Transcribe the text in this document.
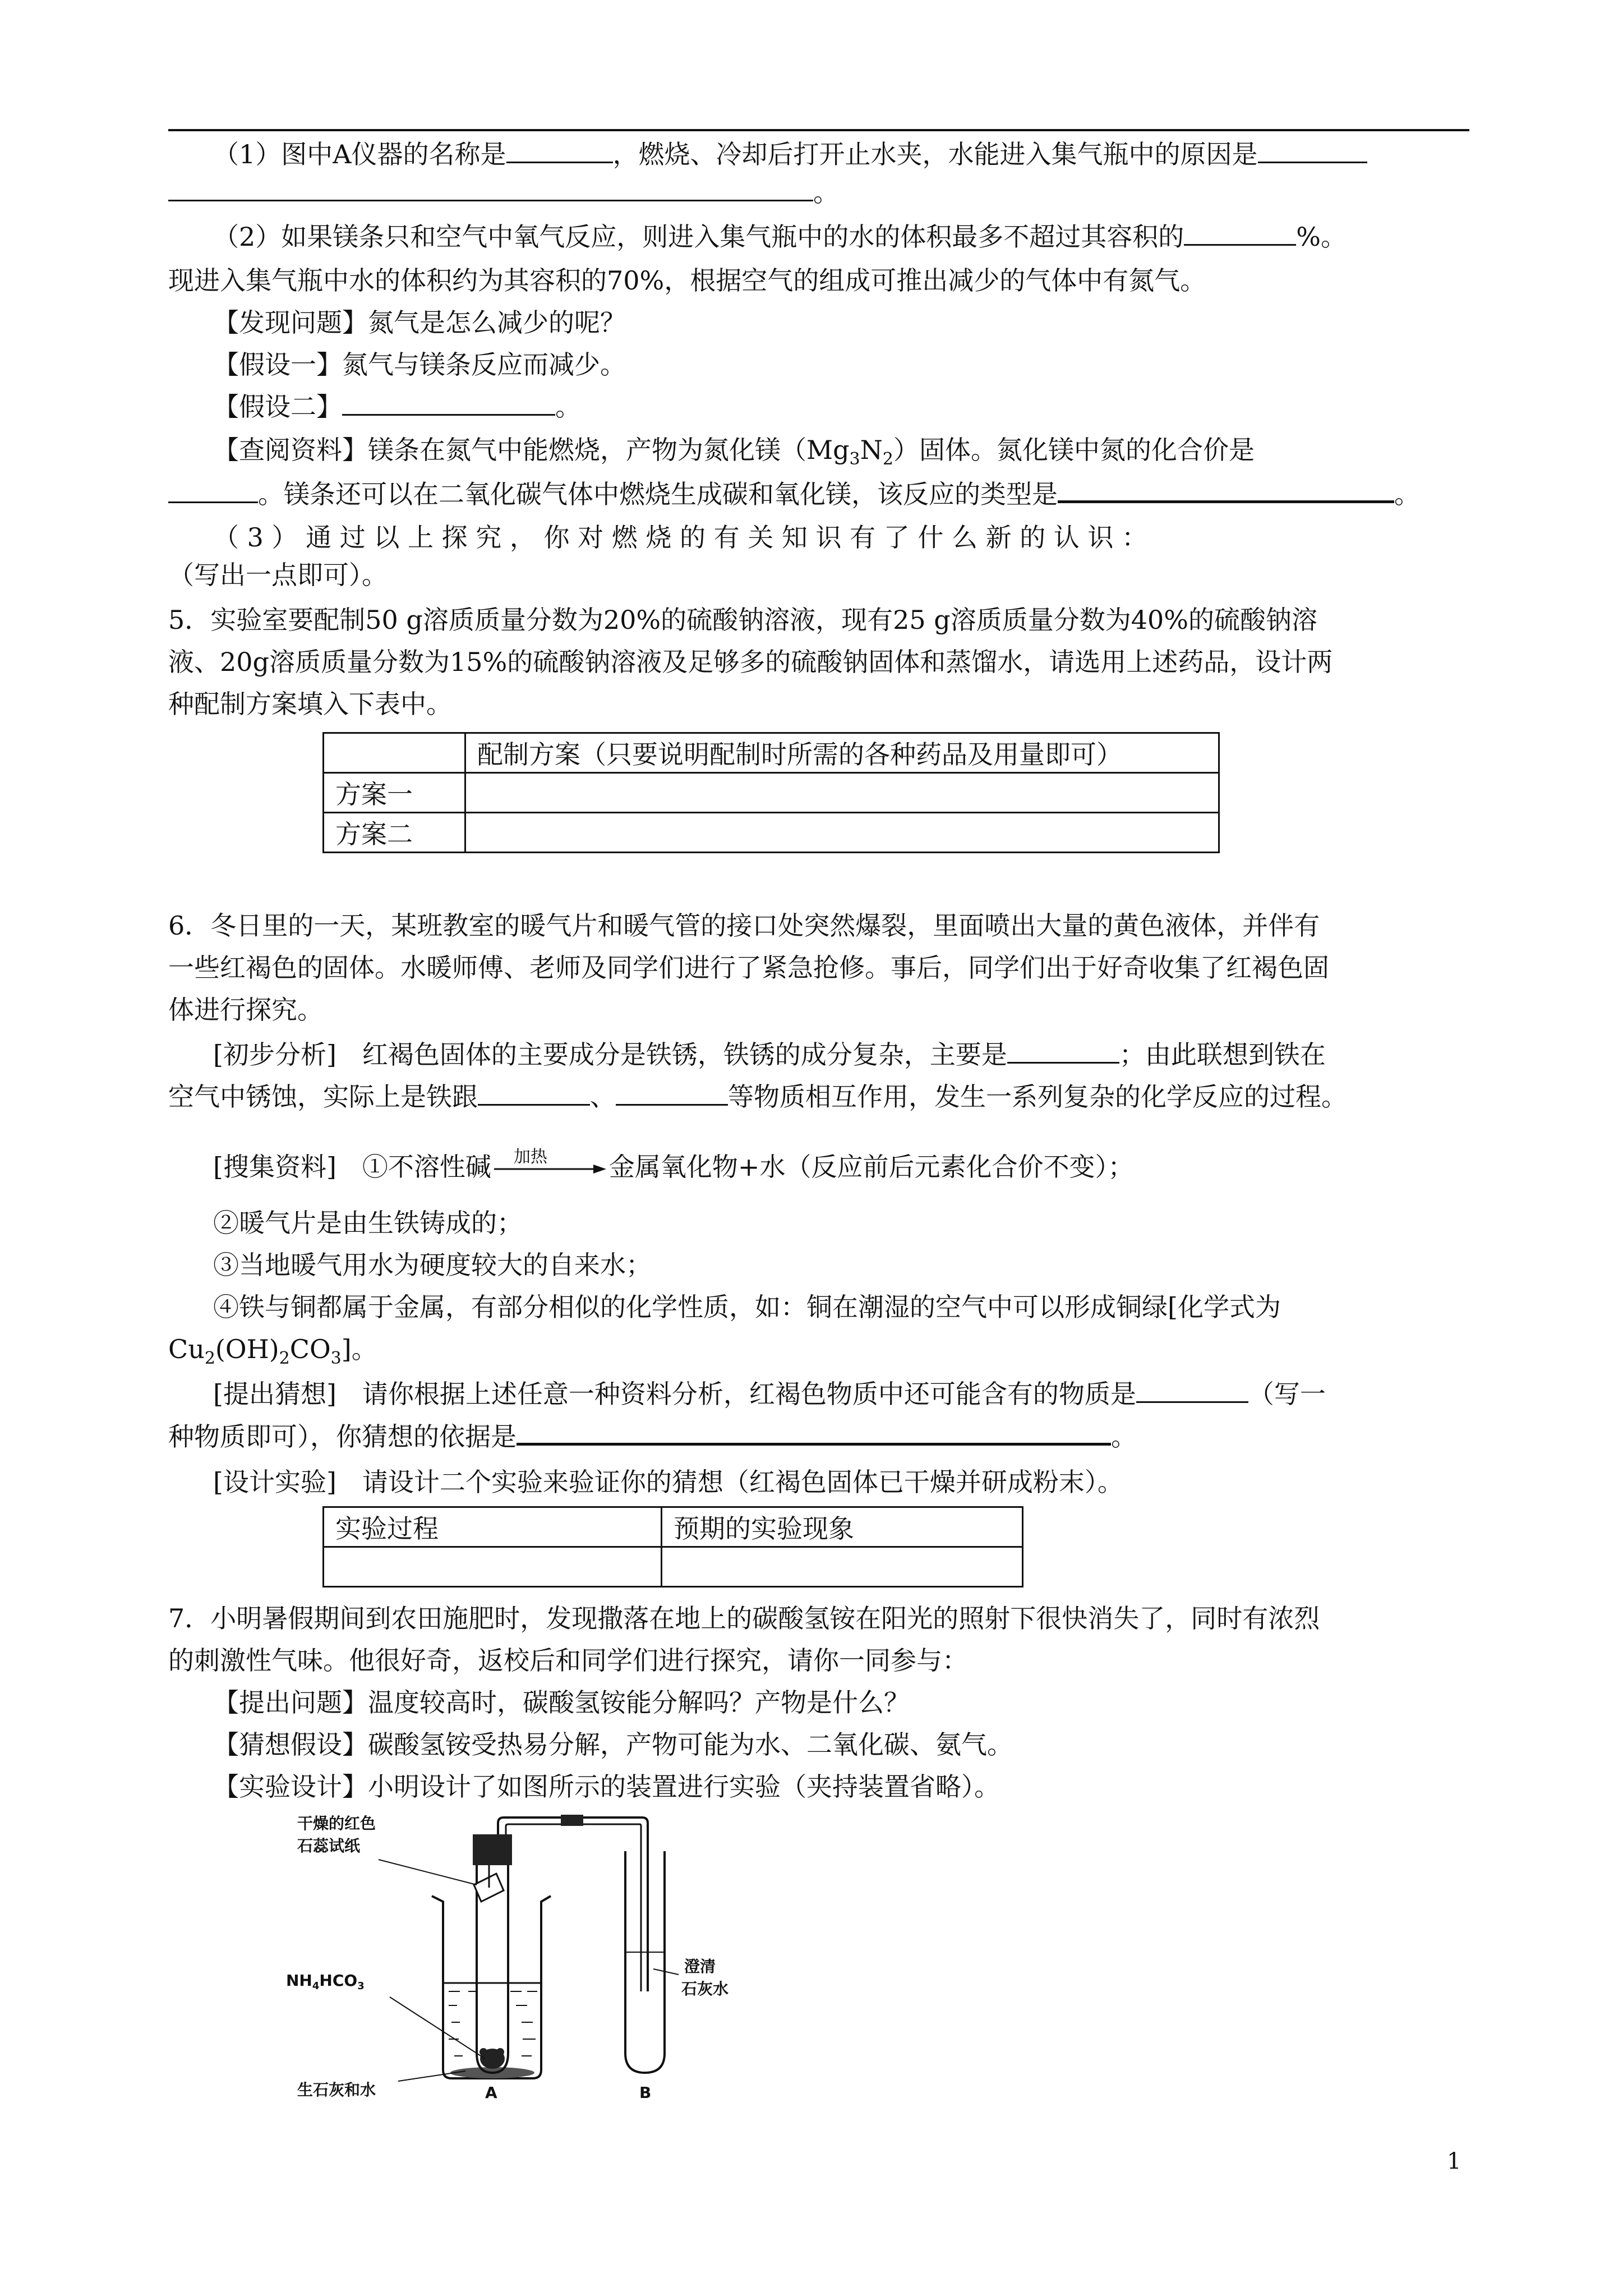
（1）图中A仪器的名称是	，燃烧、冷却后打开止水夹，水能进入集气瓶中的原因是
。
（2）如果镁条只和空气中氧气反应，则进入集气瓶中的水的体积最多不超过其容积的	%。
现进入集气瓶中水的体积约为其容积的70%，根据空气的组成可推出减少的气体中有氮气。
【发现问题】氮气是怎么减少的呢？
【假设一】氮气与镁条反应而减少。
【假设二】	。
【查阅资料】镁条在氮气中能燃烧，产物为氮化镁$(Mg_3N_2)$固体。氮化镁中氮的化合价是
。镁条还可以在二氧化碳气体中燃烧生成碳和氧化镁，该反应的类型是	。
（ 3 ） 通 过 以 上 探 究 ， 你 对 燃 烧 的 有 关 知 识 有 了 什 么 新 的 认 识 ：
（写出一点即可）。
5．实验室要配制50 g溶质质量分数为20%的硫酸钠溶液，现有25 g溶质质量分数为40%的硫酸钠溶
液、20g溶质质量分数为15%的硫酸钠溶液及足够多的硫酸钠固体和蒸馏水，请选用上述药品，设计两
种配制方案填入下表中。
	配制方案（只要说明配制时所需的各种药品及用量即可）
方案一	
方案二	
6．冬日里的一天，某班教室的暖气片和暖气管的接口处突然爆裂，里面喷出大量的黄色液体，并伴有
一些红褐色的固体。水暖师傅、老师及同学们进行了紧急抢修。事后，同学们出于好奇收集了红褐色固
体进行探究。
[初步分析]　红褐色固体的主要成分是铁锈，铁锈的成分复杂，主要是	；由此联想到铁在
空气中锈蚀，实际上是铁跟	、	等物质相互作用，发生一系列复杂的化学反应的过程。
[搜集资料]　①不溶性碱 加热 金属氧化物+水（反应前后元素化合价不变）；
②暖气片是由生铁铸成的；
③当地暖气用水为硬度较大的自来水；
④铁与铜都属于金属，有部分相似的化学性质，如：铜在潮湿的空气中可以形成铜绿[化学式为
$Cu_2(OH)_2CO_3$]。
[提出猜想]　请你根据上述任意一种资料分析，红褐色物质中还可能含有的物质是	（写一
种物质即可），你猜想的依据是	。
[设计实验]　请设计二个实验来验证你的猜想（红褐色固体已干燥并研成粉末）。
实验过程	预期的实验现象

7．小明暑假期间到农田施肥时，发现撒落在地上的碳酸氢铵在阳光的照射下很快消失了，同时有浓烈
的刺激性气味。他很好奇，返校后和同学们进行探究，请你一同参与：
【提出问题】温度较高时，碳酸氢铵能分解吗？产物是什么？
【猜想假设】碳酸氢铵受热易分解，产物可能为水、二氧化碳、氨气。
【实验设计】小明设计了如图所示的装置进行实验（夹持装置省略）。
干燥的红色
石蕊试纸
$NH_4HCO_3$
生石灰和水	A	B
澄清
石灰水
1
